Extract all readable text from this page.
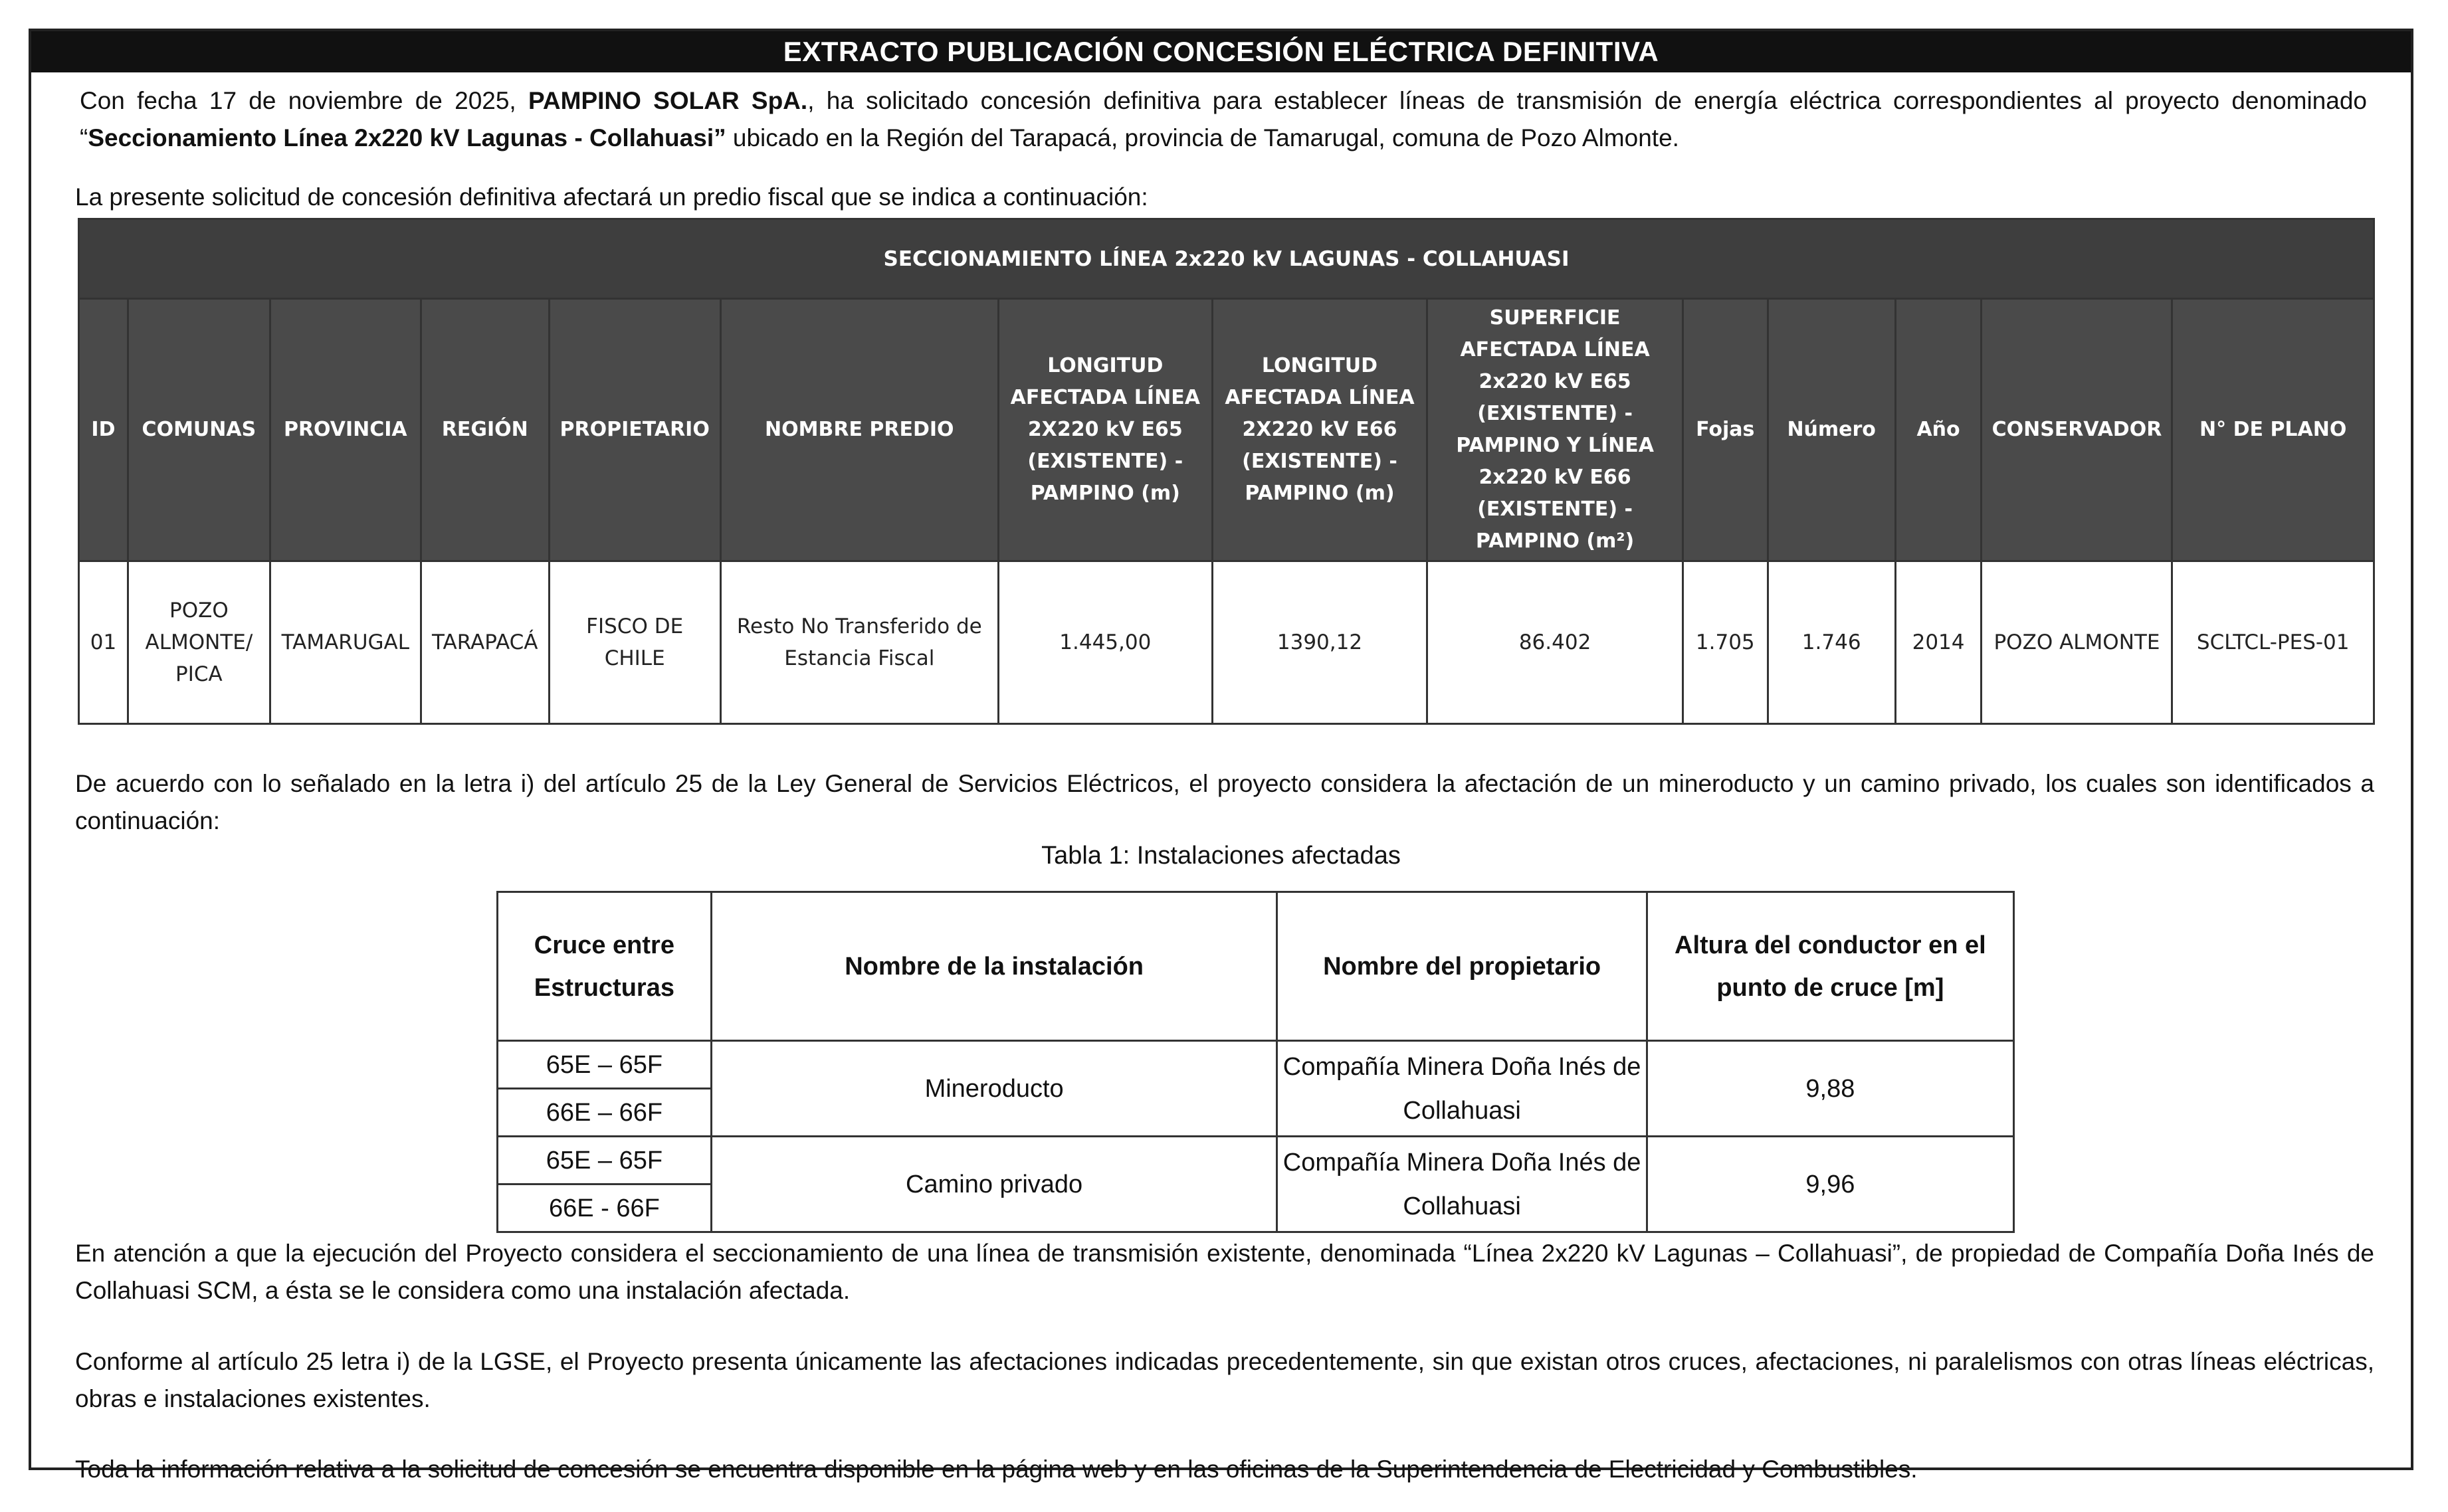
EXTRACTO PUBLICACIÓN CONCESIÓN ELÉCTRICA DEFINITIVA
Con fecha 17 de noviembre de 2025, PAMPINO SOLAR SpA., ha solicitado concesión definitiva para establecer líneas de transmisión de energía eléctrica correspondientes al proyecto denominado “Seccionamiento Línea 2x220 kV Lagunas - Collahuasi” ubicado en la Región del Tarapacá, provincia de Tamarugal, comuna de Pozo Almonte.
La presente solicitud de concesión definitiva afectará un predio fiscal que se indica a continuación:
SECCIONAMIENTO LÍNEA 2x220 kV LAGUNAS - COLLAHUASI													
ID	COMUNAS	PROVINCIA	REGIÓN	PROPIETARIO	NOMBRE PREDIO	LONGITUD AFECTADA LÍNEA 2X220 kV E65 (EXISTENTE) - PAMPINO (m)	LONGITUD AFECTADA LÍNEA 2X220 kV E66 (EXISTENTE) - PAMPINO (m)	SUPERFICIE AFECTADA LÍNEA 2x220 kV E65 (EXISTENTE) - PAMPINO Y LÍNEA 2x220 kV E66 (EXISTENTE) - PAMPINO (m²)	Fojas	Número	Año	CONSERVADOR	N° DE PLANO
01	POZO ALMONTE/ PICA	TAMARUGAL	TARAPACÁ	FISCO DE CHILE	Resto No Transferido de Estancia Fiscal	1.445,00	1390,12	86.402	1.705	1.746	2014	POZO ALMONTE	SCLTCL-PES-01
De acuerdo con lo señalado en la letra i) del artículo 25 de la Ley General de Servicios Eléctricos, el proyecto considera la afectación de un mineroducto y un camino privado, los cuales son identificados a continuación:
Tabla 1: Instalaciones afectadas
Cruce entre Estructuras	Nombre de la instalación	Nombre del propietario	Altura del conductor en el punto de cruce [m]
65E – 65F	Mineroducto	Compañía Minera Doña Inés de Collahuasi	9,88
66E – 66F			
65E – 65F	Camino privado	Compañía Minera Doña Inés de Collahuasi	9,96
66E - 66F			
En atención a que la ejecución del Proyecto considera el seccionamiento de una línea de transmisión existente, denominada “Línea 2x220 kV Lagunas – Collahuasi”, de propiedad de Compañía Doña Inés de Collahuasi SCM, a ésta se le considera como una instalación afectada.
Conforme al artículo 25 letra i) de la LGSE, el Proyecto presenta únicamente las afectaciones indicadas precedentemente, sin que existan otros cruces, afectaciones, ni paralelismos con otras líneas eléctricas, obras e instalaciones existentes.
Toda la información relativa a la solicitud de concesión se encuentra disponible en la página web y en las oficinas de la Superintendencia de Electricidad y Combustibles.
